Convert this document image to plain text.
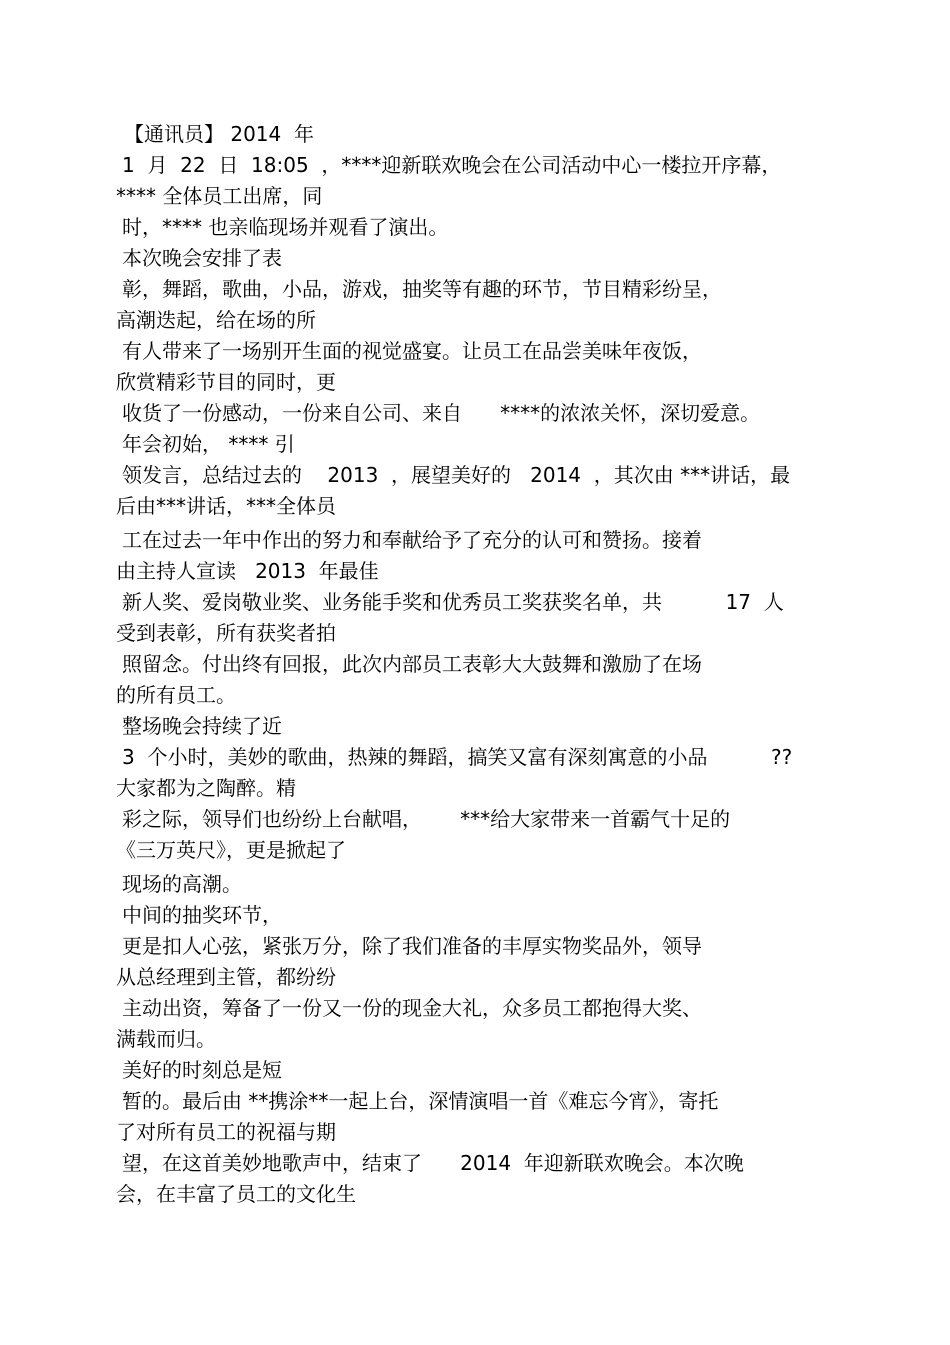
【通讯员】 2014  年
1  月  22  日  18:05  ，****迎新联欢晚会在公司活动中心一楼拉开序幕，
**** 全体员工出席，同
时，**** 也亲临现场并观看了演出。
本次晚会安排了表
彰，舞蹈，歌曲，小品，游戏，抽奖等有趣的环节，节目精彩纷呈，
高潮迭起，给在场的所
有人带来了一场别开生面的视觉盛宴。让员工在品尝美味年夜饭，
欣赏精彩节目的同时，更
收货了一份感动，一份来自公司、来自      ****的浓浓关怀，深切爱意。
年会初始， **** 引
领发言，总结过去的    2013  ，展望美好的   2014  ，其次由 ***讲话，最
后由***讲话，***全体员
工在过去一年中作出的努力和奉献给予了充分的认可和赞扬。接着
由主持人宣读   2013  年最佳
新人奖、爱岗敬业奖、业务能手奖和优秀员工奖获奖名单，共          17  人
受到表彰，所有获奖者拍
照留念。付出终有回报，此次内部员工表彰大大鼓舞和激励了在场
的所有员工。
整场晚会持续了近
3  个小时，美妙的歌曲，热辣的舞蹈，搞笑又富有深刻寓意的小品          ??
大家都为之陶醉。精
彩之际，领导们也纷纷上台献唱，      ***给大家带来一首霸气十足的
《三万英尺》，更是掀起了
现场的高潮。
中间的抽奖环节，
更是扣人心弦，紧张万分，除了我们准备的丰厚实物奖品外，领导
从总经理到主管，都纷纷
主动出资，筹备了一份又一份的现金大礼，众多员工都抱得大奖、
满载而归。
美好的时刻总是短
暂的。最后由 **携涂**一起上台，深情演唱一首《难忘今宵》，寄托
了对所有员工的祝福与期
望，在这首美妙地歌声中，结束了      2014  年迎新联欢晚会。本次晚
会，在丰富了员工的文化生
